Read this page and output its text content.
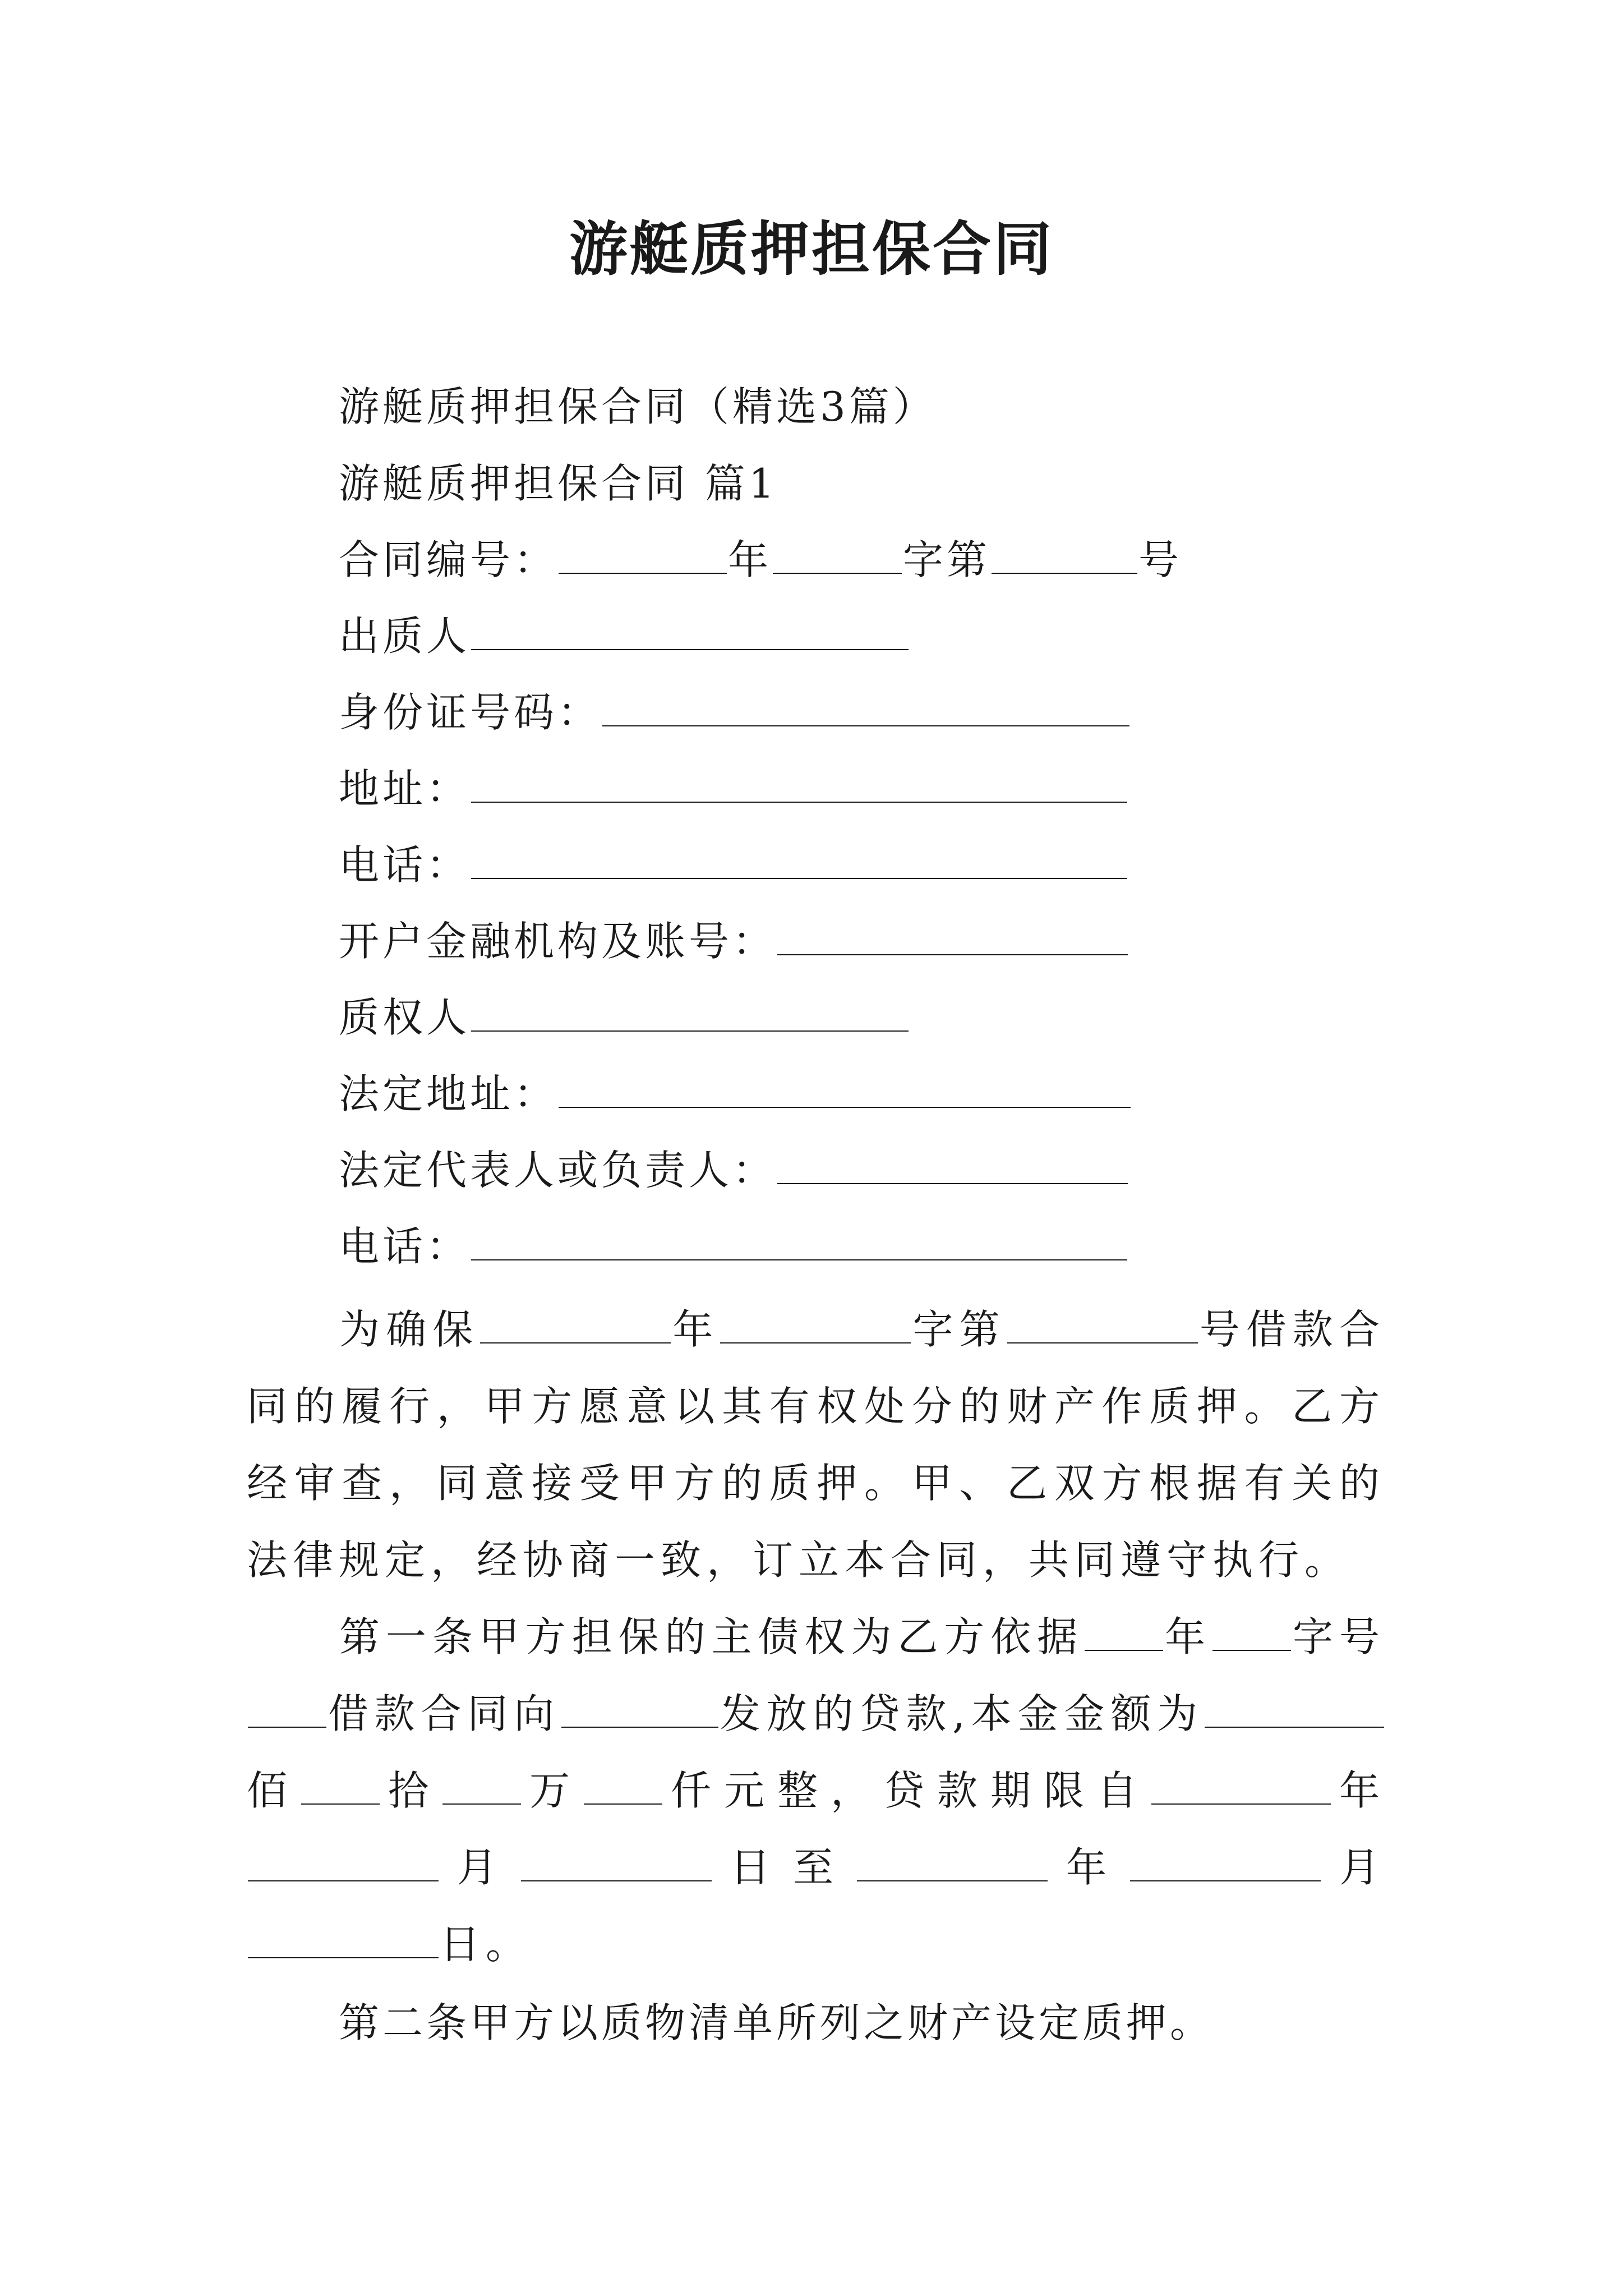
游艇质押担保合同
游艇质押担保合同（精选3篇）
游艇质押担保合同 篇1
合同编号：	年	字第	号
出质人
身份证号码：
地址：
电话：
开户金融机构及账号：
质权人
法定地址：
法定代表人或负责人：
电话：
为确保	年	字第	号借款合同的履行，甲方愿意以其有权处分的财产作质押。乙方经审查，同意接受甲方的质押。甲、乙双方根据有关的法律规定，经协商一致，订立本合同，共同遵守执行。
第一条甲方担保的主债权为乙方依据 年 字号借款合同向	发放的贷款,本金金额为佰 拾 万 仟元整，贷款期限自	年月	日至	年	月日。
第二条甲方以质物清单所列之财产设定质押。
